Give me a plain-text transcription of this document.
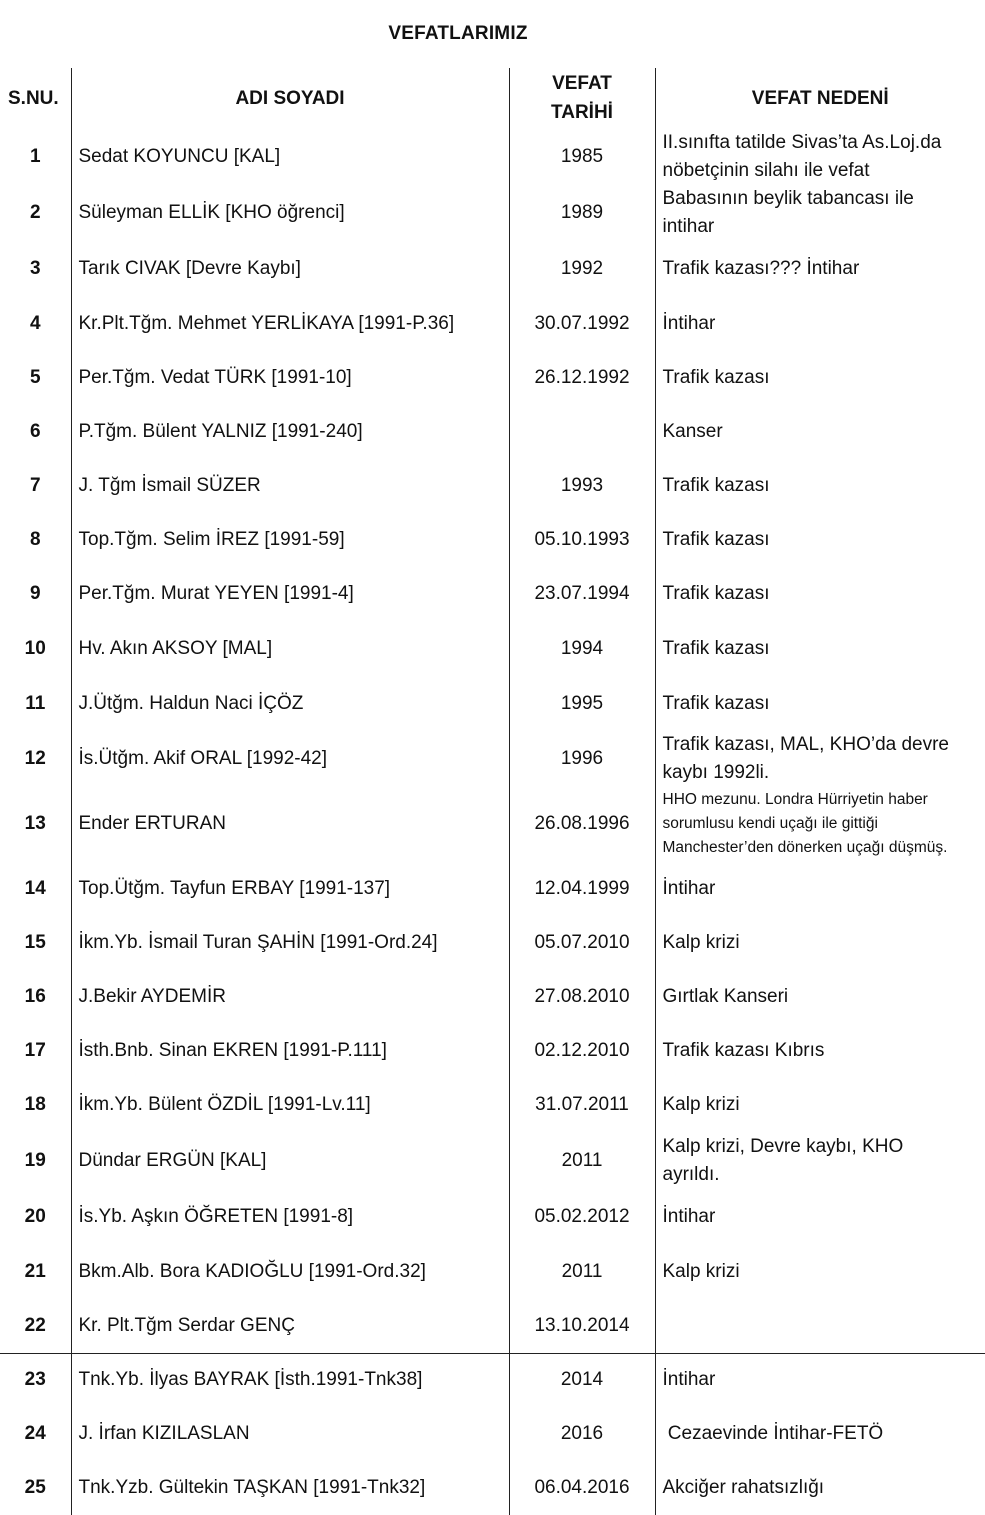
VEFATLARIMIZ
S.NU.	ADI SOYADI	VEFAT
TARİHİ	VEFAT NEDENİ
1	Sedat KOYUNCU [KAL]	1985	II.sınıfta tatilde Sivas’ta As.Loj.da
nöbetçinin silahı ile vefat

2	Süleyman ELLİK [KHO öğrenci]	1989	Babasının beylik tabancası ile
intihar

3	Tarık CIVAK [Devre Kaybı]	1992	Trafik kazası??? İntihar

4	Kr.Plt.Tğm. Mehmet YERLİKAYA [1991-P.36]	30.07.1992	İntihar

5	Per.Tğm. Vedat TÜRK [1991-10]	26.12.1992	Trafik kazası

6	P.Tğm. Bülent YALNIZ [1991-240]		Kanser

7	J. Tğm İsmail SÜZER	1993	Trafik kazası

8	Top.Tğm. Selim İREZ [1991-59]	05.10.1993	Trafik kazası

9	Per.Tğm. Murat YEYEN [1991-4]	23.07.1994	Trafik kazası

10	Hv. Akın AKSOY [MAL]	1994	Trafik kazası

11	J.Ütğm. Haldun Naci İÇÖZ	1995	Trafik kazası

12	İs.Ütğm. Akif ORAL [1992-42]	1996	Trafik kazası, MAL, KHO’da devre
kaybı 1992li.

13	Ender ERTURAN	26.08.1996	HHO mezunu. Londra Hürriyetin haber
sorumlusu kendi uçağı ile gittiği
Manchester’den dönerken uçağı düşmüş.

14	Top.Ütğm. Tayfun ERBAY [1991-137]	12.04.1999	İntihar

15	İkm.Yb. İsmail Turan ŞAHİN [1991-Ord.24]	05.07.2010	Kalp krizi

16	J.Bekir AYDEMİR	27.08.2010	Gırtlak Kanseri

17	İsth.Bnb. Sinan EKREN [1991-P.111]	02.12.2010	Trafik kazası Kıbrıs

18	İkm.Yb. Bülent ÖZDİL [1991-Lv.11]	31.07.2011	Kalp krizi

19	Dündar ERGÜN [KAL]	2011	Kalp krizi, Devre kaybı, KHO
ayrıldı.

20	İs.Yb. Aşkın ÖĞRETEN [1991-8]	05.02.2012	İntihar

21	Bkm.Alb. Bora KADIOĞLU [1991-Ord.32]	2011	Kalp krizi

22	Kr. Plt.Tğm Serdar GENÇ	13.10.2014	
23	Tnk.Yb. İlyas BAYRAK [İsth.1991-Tnk38]	2014	İntihar

24	J. İrfan KIZILASLAN	2016	Cezaevinde İntihar-FETÖ

25	Tnk.Yzb. Gültekin TAŞKAN [1991-Tnk32]	06.04.2016	Akciğer rahatsızlığı
